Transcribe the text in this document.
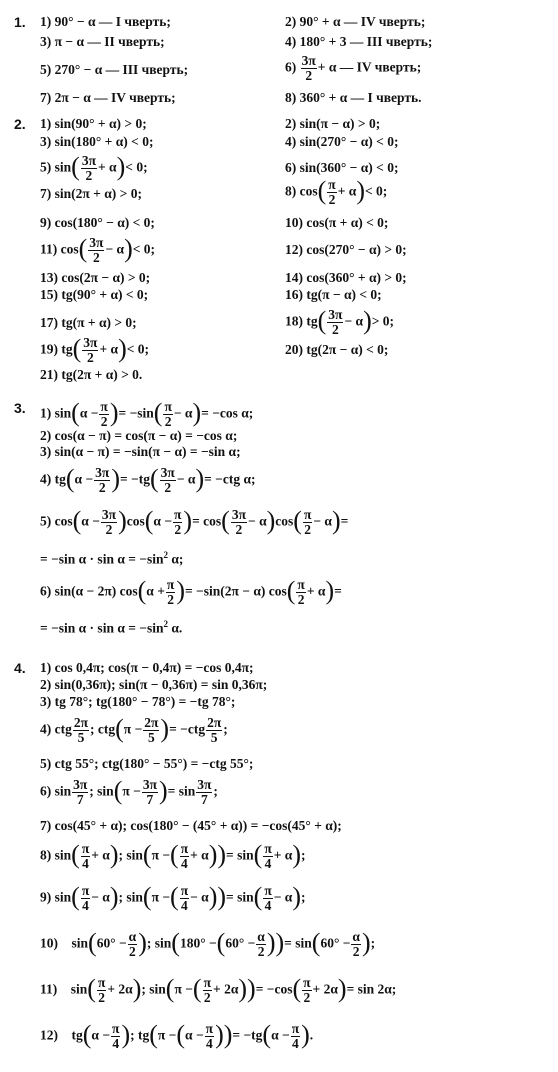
1. 1) 90° − α — I чверть;	2) 90° + α — IV чверть;
3) π − α — II чверть;	4) 180° + 3 — III чверть;
5) 270° − α — III чверть;	$6) \frac{3\pi}{2} + \alpha$ — IV чверть;
7) 2π − α — IV чверть;	8) 360° + α — I чверть.
2. 1) sin(90° + α) > 0;	2) sin(π − α) > 0;
3) sin(180° + α) < 0;	4) sin(270° − α) < 0;
5) $\sin( \frac{3\pi}{2} + \alpha)< 0$;	6) sin(360° − α) < 0;
7) sin(2π + α) > 0;	8) $\cos( \frac{\pi}{2} + \alpha)< 0$;
9) cos(180° − α) < 0;	10) cos(π + α) < 0;
11) $\cos( \frac{3\pi}{2} - \alpha)< 0$;	12) cos(270° − α) > 0;
13) cos(2π − α) > 0;	14) cos(360° + α) > 0;
15) tg(90° + α) < 0;	16) tg(π − α) < 0;
17) tg(π + α) > 0;	18) $tg( \frac{3\pi}{2} - \alpha)> 0$;
19) $tg( \frac{3\pi}{2} + \alpha)< 0$;	20) tg(2π − α) < 0;
21) tg(2π + α) > 0.
3. 1) $\sin(\alpha - \frac{\pi}{2}$ )= $-\sin( \frac{\pi}{2} - \alpha)= -\cos$ α;
2) cos(α − π) = cos(π − α) = −cos α;
3) sin(α − π) = −sin(π − α) = −sin α;
4) $tg(\alpha - \frac{3\pi}{2}$ )= $-tg( \frac{3\pi}{2} - \alpha)= -ctg$ α;
5) $\cos(\alpha - \frac{3\pi}{2} )\cos(\alpha - \frac{\pi}{2}$ )= $\cos( \frac{3\pi}{2} - \alpha)\cos( \frac{\pi}{2} - \alpha)=$
= −sin $\alpha \cdot \sin \alpha = -\sin^2$ α;
6) sin(α − 2π) $\cos(\alpha + \frac{\pi}{2}$ )= −sin(2π − α) $\cos( \frac{\pi}{2} + \alpha)=$
= −sin $\alpha \cdot \sin \alpha = -\sin^2$ α.
4. 1) cos 0,4π; cos(π − 0,4π) = −cos 0,4π;
2) sin(0,36π); sin(π − 0,36π) = sin 0,36π;
3) tg 78°; tg(180° − 78°) = −tg 78°;
4) ctg $\frac{2\pi}{5}$ ; $ctg(\pi - \frac{2\pi}{5}$ )= $-ctg \frac{2\pi}{5}$ ;
5) ctg 55°; ctg(180° − 55°) = −ctg 55°;
6) $\sin \frac{3\pi}{7}$ ; $\sin(\pi - \frac{3\pi}{7}$ )= $\sin \frac{3\pi}{7}$ ;
7) cos(45° + α); cos(180° − (45° + α)) = −cos(45° + α);
8) $\sin( \frac{\pi}{4} + \alpha)$; sin(π −( $\frac{\pi}{4} + \alpha))= \sin( \frac{\pi}{4} + \alpha)$;
9) $\sin( \frac{\pi}{4} - \alpha)$; sin(π −( $\frac{\pi}{4} - \alpha))= \sin( \frac{\pi}{4} - \alpha)$;
10) $\sin(60^\circ - \frac{\alpha}{2}$ ); $\sin(180^\circ -(60^\circ - \frac{\alpha}{2}$ ))= $\sin(60^\circ - \frac{\alpha}{2}$ );
11) $\sin( \frac{\pi}{2} + 2\alpha)$; sin(π −( $\frac{\pi}{2} + 2\alpha))= -\cos( \frac{\pi}{2} + 2\alpha)= \sin 2\alpha$;
12) $tg(\alpha - \frac{\pi}{4}$ ); $tg(\pi -(\alpha - \frac{\pi}{4}$ ))= $-tg(\alpha - \frac{\pi}{4}$ ).
